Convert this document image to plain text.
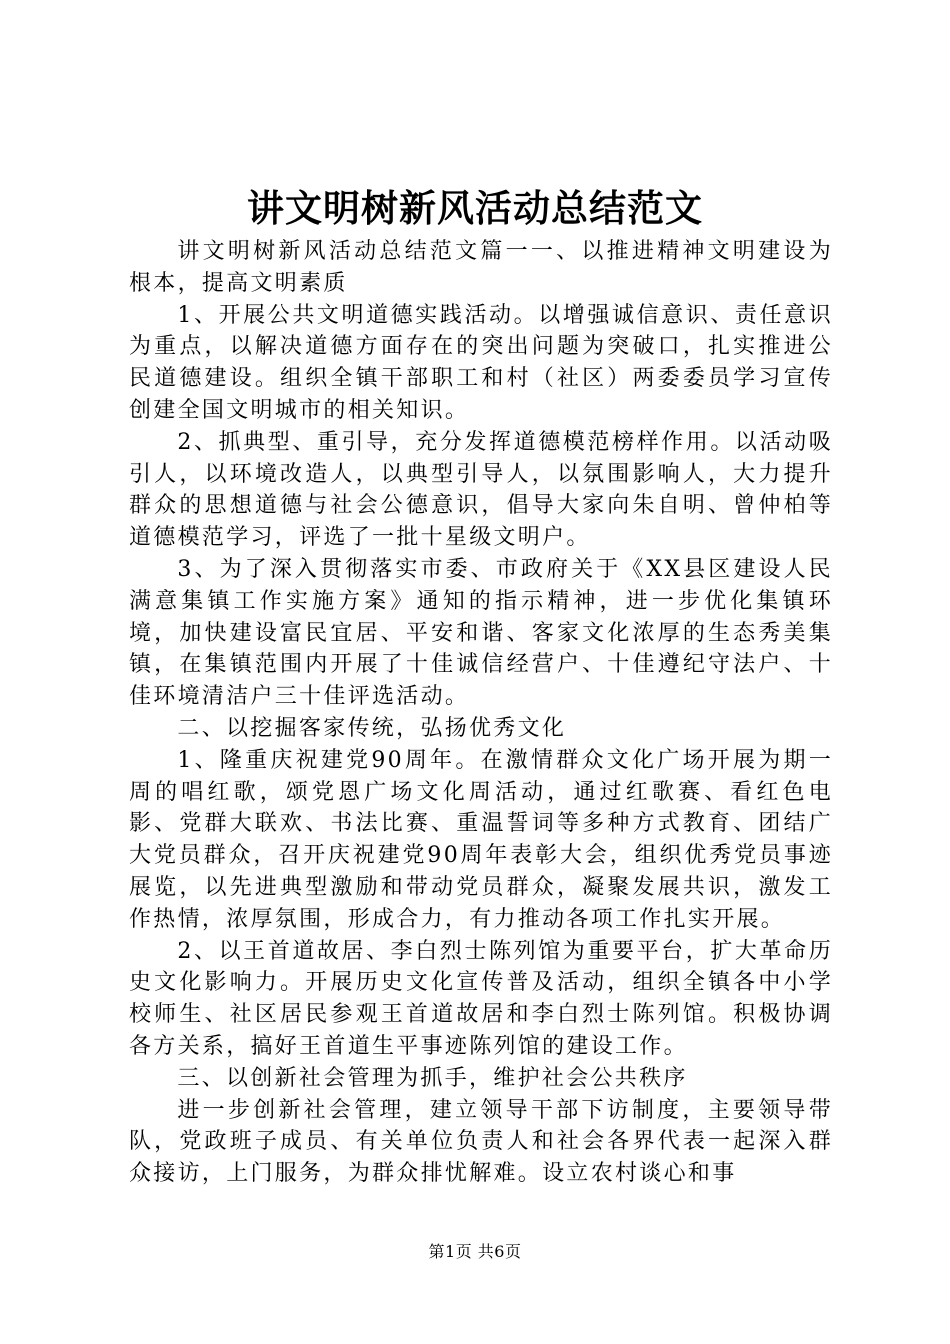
讲文明树新风活动总结范文

讲文明树新风活动总结范文篇一一、以推进精神文明建设为根本，提高文明素质

1、开展公共文明道德实践活动。以增强诚信意识、责任意识为重点，以解决道德方面存在的突出问题为突破口，扎实推进公民道德建设。组织全镇干部职工和村（社区）两委委员学习宣传创建全国文明城市的相关知识。

2、抓典型、重引导，充分发挥道德模范榜样作用。以活动吸引人，以环境改造人，以典型引导人，以氛围影响人，大力提升群众的思想道德与社会公德意识，倡导大家向朱自明、曾仲柏等道德模范学习，评选了一批十星级文明户。

3、为了深入贯彻落实市委、市政府关于《XX县区建设人民满意集镇工作实施方案》通知的指示精神，进一步优化集镇环境，加快建设富民宜居、平安和谐、客家文化浓厚的生态秀美集镇，在集镇范围内开展了十佳诚信经营户、十佳遵纪守法户、十佳环境清洁户三十佳评选活动。

二、以挖掘客家传统，弘扬优秀文化

1、隆重庆祝建党90周年。在激情群众文化广场开展为期一周的唱红歌，颂党恩广场文化周活动，通过红歌赛、看红色电影、党群大联欢、书法比赛、重温誓词等多种方式教育、团结广大党员群众，召开庆祝建党90周年表彰大会，组织优秀党员事迹展览，以先进典型激励和带动党员群众，凝聚发展共识，激发工作热情，浓厚氛围，形成合力，有力推动各项工作扎实开展。

2、以王首道故居、李白烈士陈列馆为重要平台，扩大革命历史文化影响力。开展历史文化宣传普及活动，组织全镇各中小学校师生、社区居民参观王首道故居和李白烈士陈列馆。积极协调各方关系，搞好王首道生平事迹陈列馆的建设工作。

三、以创新社会管理为抓手，维护社会公共秩序

进一步创新社会管理，建立领导干部下访制度，主要领导带队，党政班子成员、有关单位负责人和社会各界代表一起深入群众接访，上门服务，为群众排忧解难。设立农村谈心和事

第1页 共6页
